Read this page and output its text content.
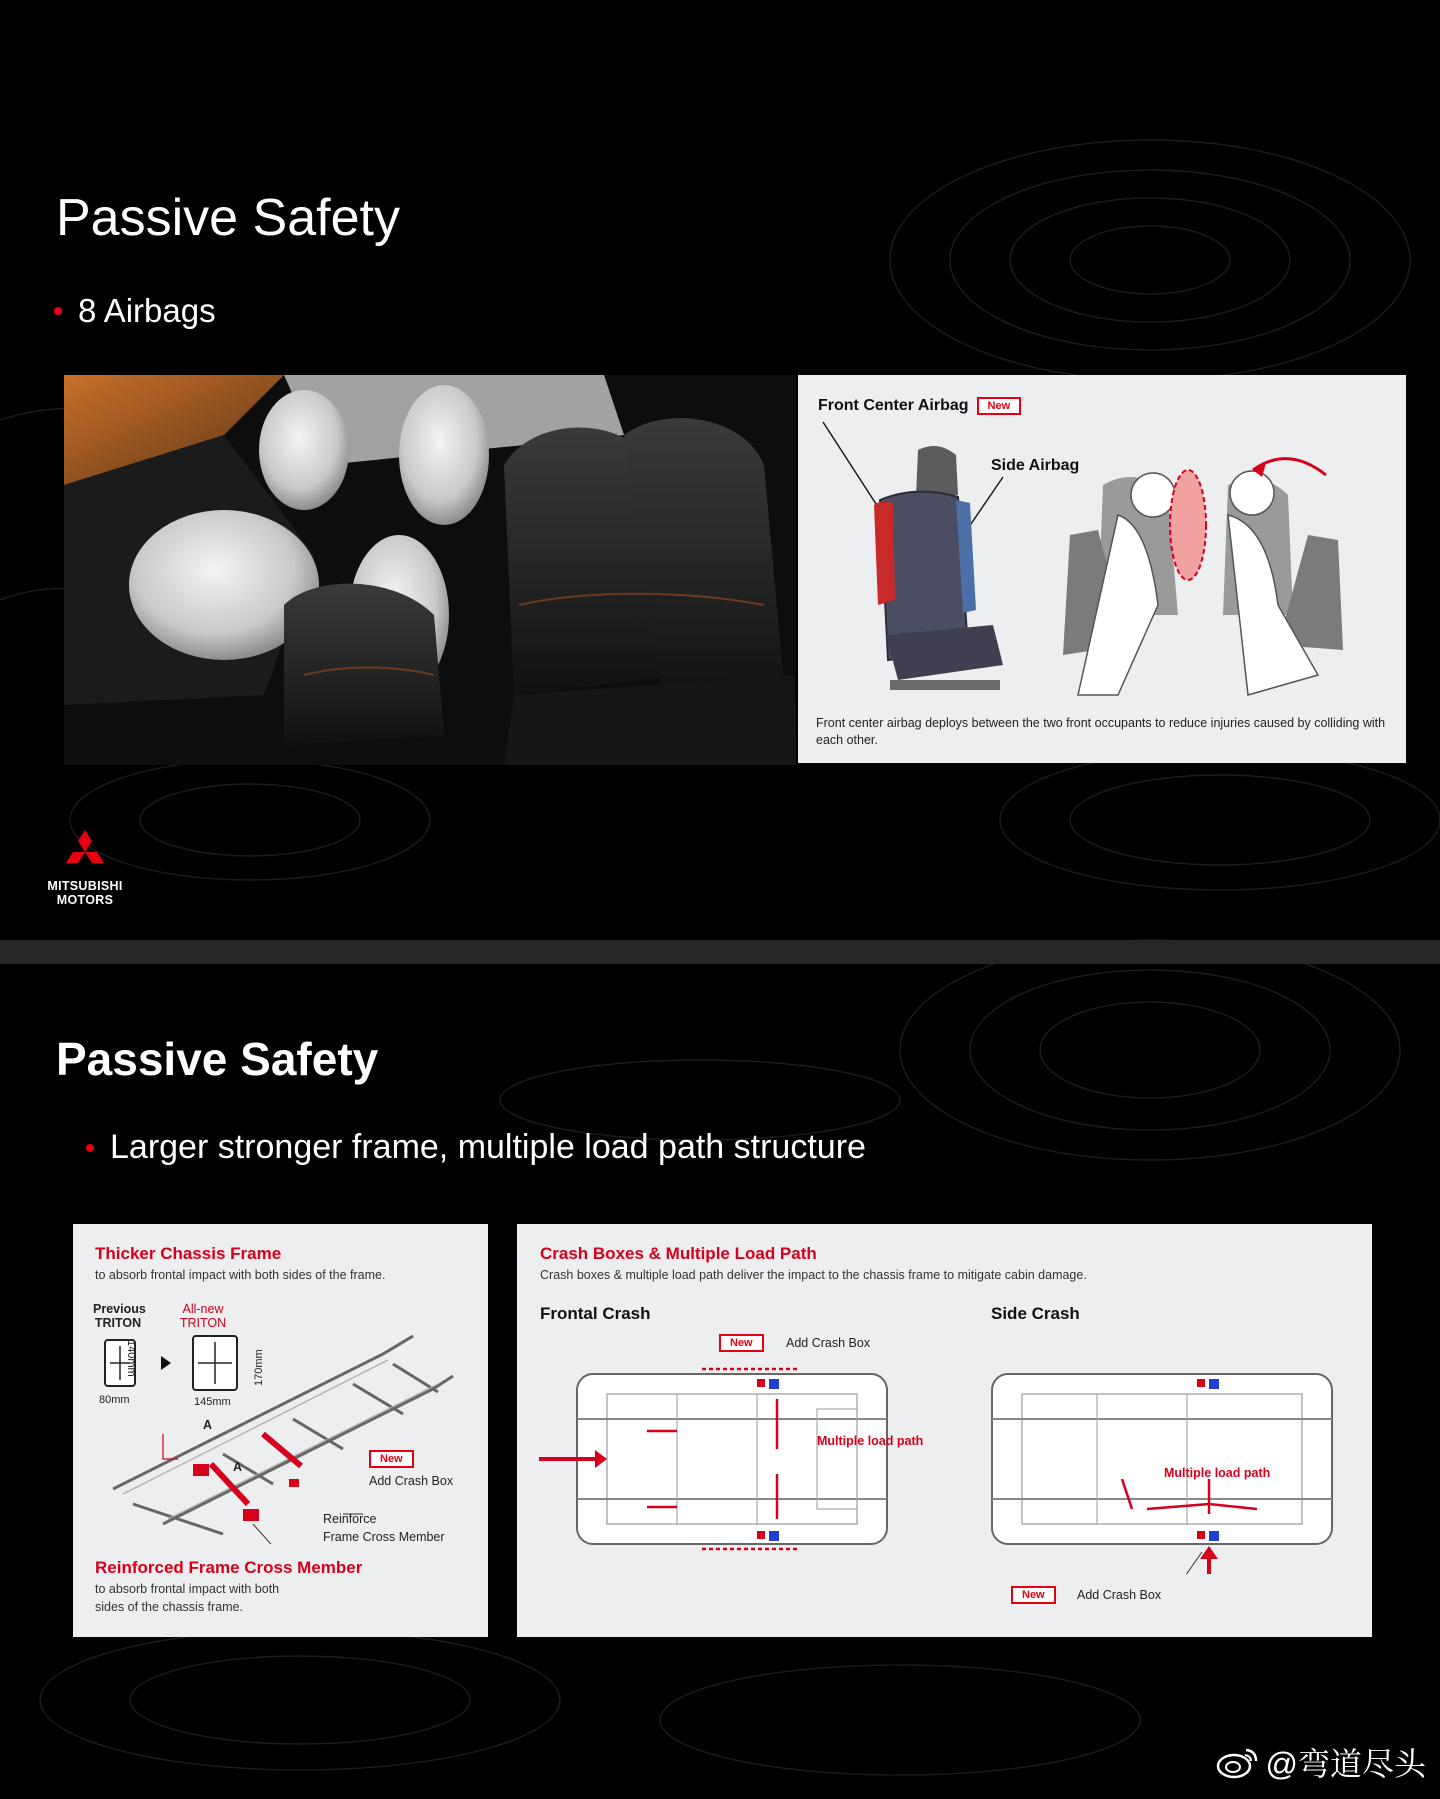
Passive Safety
8 Airbags
Front Center Airbag	New
Side Airbag
Front center airbag deploys between the two front occupants to reduce injuries caused by colliding with each other.
MITSUBISHI
MOTORS
Passive Safety
Larger stronger frame, multiple load path structure
Thicker Chassis Frame
to absorb frontal impact with both sides of the frame.
Previous
TRITON
All-new
TRITON
140mm	170mm
80mm	145mm
A
A
New
Add Crash Box
Reinforce
Frame Cross Member
Reinforced Frame Cross Member
to absorb frontal impact with both
sides of the chassis frame.
Crash Boxes & Multiple Load Path
Crash boxes & multiple load path deliver the impact to the chassis frame to mitigate cabin damage.
Frontal Crash	Side Crash
New	Add Crash Box
Multiple load path
Multiple load path
New	Add Crash Box
@弯道尽头
